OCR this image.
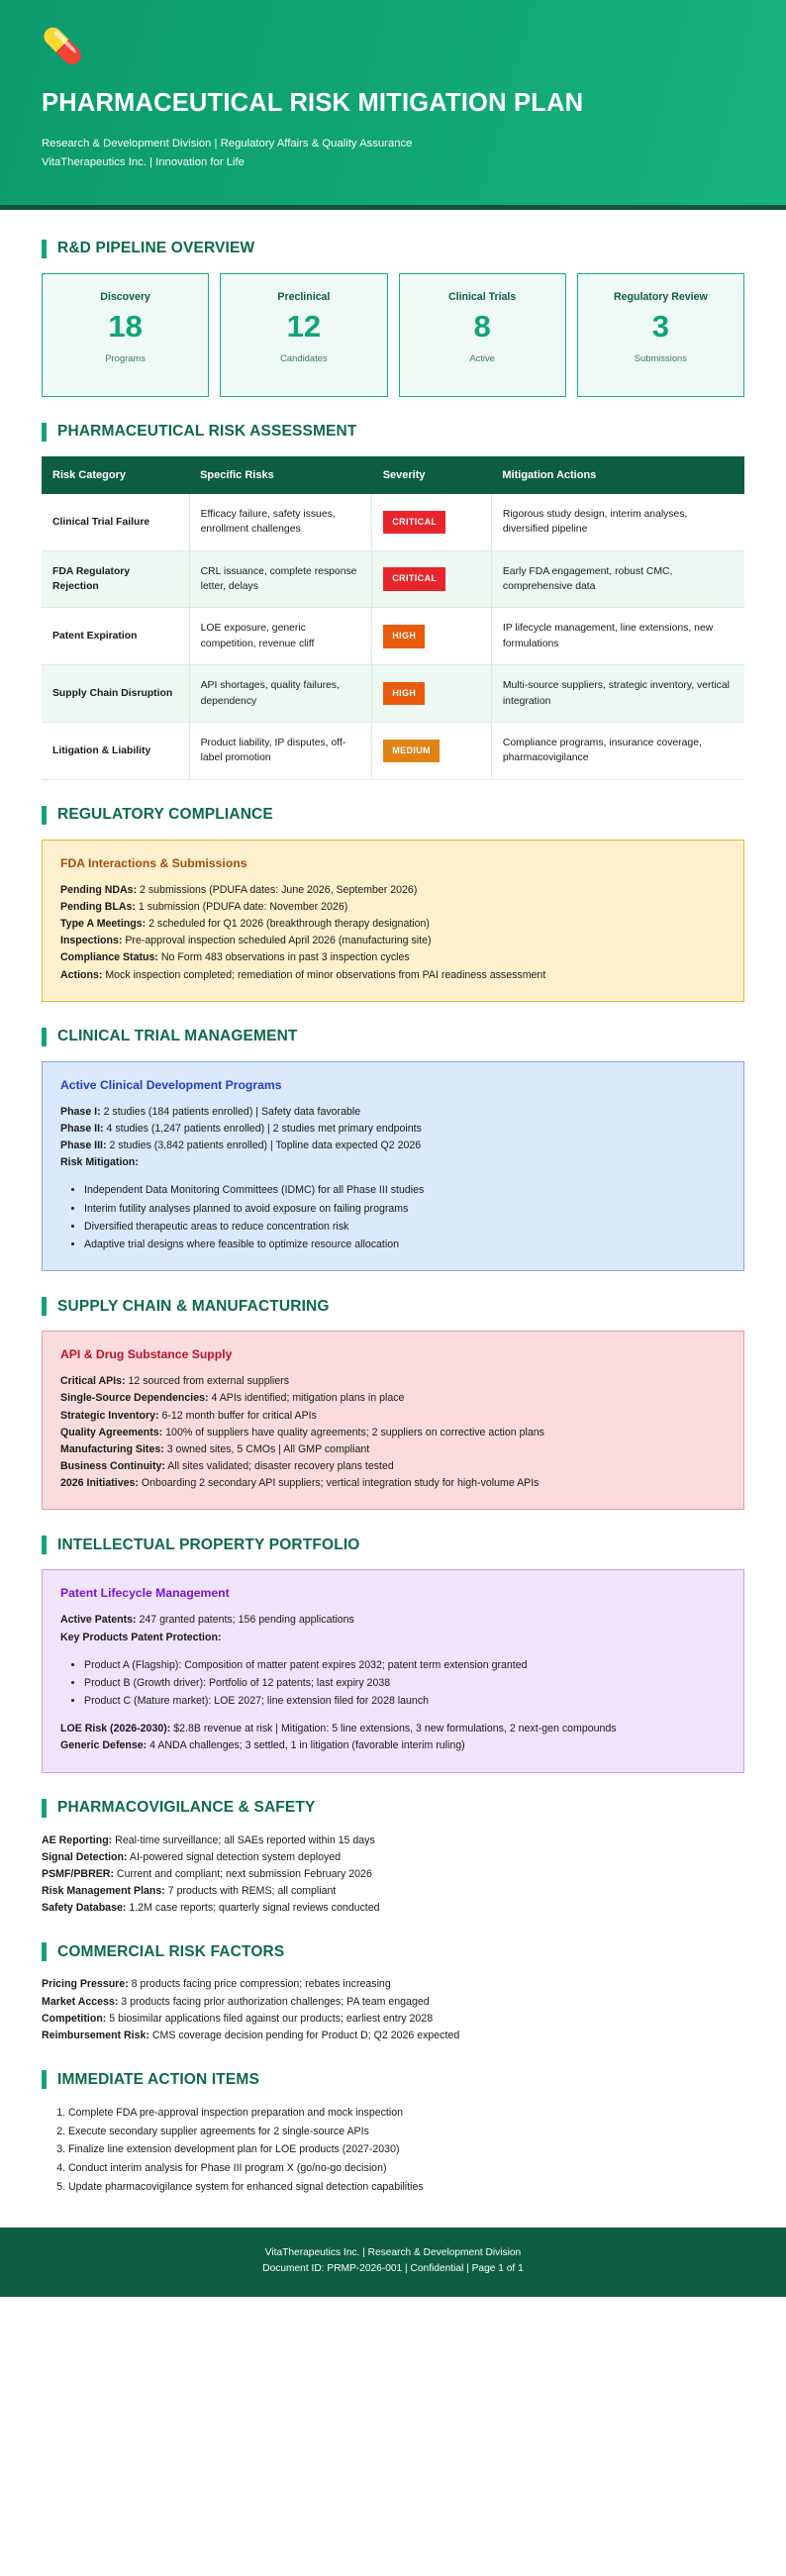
💊
PHARMACEUTICAL RISK MITIGATION PLAN
Research & Development Division | Regulatory Affairs & Quality Assurance
VitaTherapeutics Inc. | Innovation for Life
R&D PIPELINE OVERVIEW
Discovery
18
Programs
Preclinical
12
Candidates
Clinical Trials
8
Active
Regulatory Review
3
Submissions
PHARMACEUTICAL RISK ASSESSMENT
Risk Category	Specific Risks	Severity	Mitigation Actions
Clinical Trial Failure	Efficacy failure, safety issues, enrollment challenges	CRITICAL	Rigorous study design, interim analyses, diversified pipeline
FDA Regulatory Rejection	CRL issuance, complete response letter, delays	CRITICAL	Early FDA engagement, robust CMC, comprehensive data
Patent Expiration	LOE exposure, generic competition, revenue cliff	HIGH	IP lifecycle management, line extensions, new formulations
Supply Chain Disruption	API shortages, quality failures, dependency	HIGH	Multi-source suppliers, strategic inventory, vertical integration
Litigation & Liability	Product liability, IP disputes, off-label promotion	MEDIUM	Compliance programs, insurance coverage, pharmacovigilance
REGULATORY COMPLIANCE
FDA Interactions & Submissions
Pending NDAs: 2 submissions (PDUFA dates: June 2026, September 2026)
Pending BLAs: 1 submission (PDUFA date: November 2026)
Type A Meetings: 2 scheduled for Q1 2026 (breakthrough therapy designation)
Inspections: Pre-approval inspection scheduled April 2026 (manufacturing site)
Compliance Status: No Form 483 observations in past 3 inspection cycles
Actions: Mock inspection completed; remediation of minor observations from PAI readiness assessment
CLINICAL TRIAL MANAGEMENT
Active Clinical Development Programs
Phase I: 2 studies (184 patients enrolled) | Safety data favorable
Phase II: 4 studies (1,247 patients enrolled) | 2 studies met primary endpoints
Phase III: 2 studies (3,842 patients enrolled) | Topline data expected Q2 2026
Risk Mitigation:
• Independent Data Monitoring Committees (IDMC) for all Phase III studies
• Interim futility analyses planned to avoid exposure on failing programs
• Diversified therapeutic areas to reduce concentration risk
• Adaptive trial designs where feasible to optimize resource allocation
SUPPLY CHAIN & MANUFACTURING
API & Drug Substance Supply
Critical APIs: 12 sourced from external suppliers
Single-Source Dependencies: 4 APIs identified; mitigation plans in place
Strategic Inventory: 6-12 month buffer for critical APIs
Quality Agreements: 100% of suppliers have quality agreements; 2 suppliers on corrective action plans
Manufacturing Sites: 3 owned sites, 5 CMOs | All GMP compliant
Business Continuity: All sites validated; disaster recovery plans tested
2026 Initiatives: Onboarding 2 secondary API suppliers; vertical integration study for high-volume APIs
INTELLECTUAL PROPERTY PORTFOLIO
Patent Lifecycle Management
Active Patents: 247 granted patents; 156 pending applications
Key Products Patent Protection:
• Product A (Flagship): Composition of matter patent expires 2032; patent term extension granted
• Product B (Growth driver): Portfolio of 12 patents; last expiry 2038
• Product C (Mature market): LOE 2027; line extension filed for 2028 launch
LOE Risk (2026-2030): $2.8B revenue at risk | Mitigation: 5 line extensions, 3 new formulations, 2 next-gen compounds
Generic Defense: 4 ANDA challenges; 3 settled, 1 in litigation (favorable interim ruling)
PHARMACOVIGILANCE & SAFETY
AE Reporting: Real-time surveillance; all SAEs reported within 15 days
Signal Detection: AI-powered signal detection system deployed
PSMF/PBRER: Current and compliant; next submission February 2026
Risk Management Plans: 7 products with REMS; all compliant
Safety Database: 1.2M case reports; quarterly signal reviews conducted
COMMERCIAL RISK FACTORS
Pricing Pressure: 8 products facing price compression; rebates increasing
Market Access: 3 products facing prior authorization challenges; PA team engaged
Competition: 5 biosimilar applications filed against our products; earliest entry 2028
Reimbursement Risk: CMS coverage decision pending for Product D; Q2 2026 expected
IMMEDIATE ACTION ITEMS
1. Complete FDA pre-approval inspection preparation and mock inspection
2. Execute secondary supplier agreements for 2 single-source APIs
3. Finalize line extension development plan for LOE products (2027-2030)
4. Conduct interim analysis for Phase III program X (go/no-go decision)
5. Update pharmacovigilance system for enhanced signal detection capabilities
VitaTherapeutics Inc. | Research & Development Division
Document ID: PRMP-2026-001 | Confidential | Page 1 of 1
